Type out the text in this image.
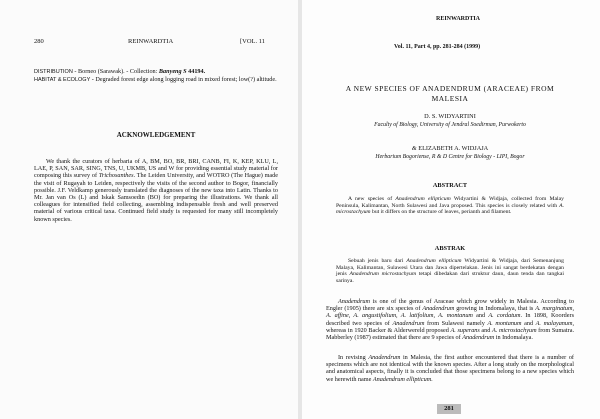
280	REINWARDTIA	[VOL. 11
DISTRIBUTION - Borneo (Sarawak). - Collection: Banyeng S 44194.
HABITAT & ECOLOGY - Degraded forest edge along logging road in mixed forest; low(?) altitude.
ACKNOWLEDGEMENT
We thank the curators of herbaria of A, BM, BO, BR, BRI, CANB, FI, K, KEP, KLU, L, LAE, P, SAN, SAR, SING, TNS, U, UKMB, US and W for providing essential study material for composing this survey of Trichosanthes. The Leiden University, and WOTRO (The Hague) made the visit of Rugayah to Leiden, respectively the visits of the second author to Bogor, financially possible. J.F. Veldkamp generously translated the diagnoses of the new taxa into Latin. Thanks to Mr. Jan van Os (L) and Iskak Samsoedin (BO) for preparing the illustrations. We thank all colleagues for intensified field collecting, assembling indispensable fresh and well preserved material of various critical taxa. Continued field study is requested for many still incompletely known species.
REINWARDTIA
Vol. 11, Part 4, pp. 281-284 (1999)
A NEW SPECIES OF ANADENDRUM (ARACEAE) FROM MALESIA
D. S. WIDYARTINI
Faculty of Biology, University of Jendral Soedirman, Purwokerto
& ELIZABETH A. WIDJAJA
Herbarium Bogoriense, R & D Centre for Biology - LIPI, Bogor
ABSTRACT
A new species of Anadendrum ellipticum Widyartini & Widjaja, collected from Malay Peninsula, Kalimantan, North Sulawesi and Java proposed. This species is closely related with A. microstachyum but it differs on the structure of leaves, perianth and filament.
ABSTRAK
Sebuah jenis baru dari Anadendrum ellipticum Widyartini & Widjaja, dari Semenanjung Malaya, Kalimantan, Sulawesi Utara dan Jawa dipertelakan. Jenis ini sangat berdekatan dengan jenis Anadendrum microstachyum tetapi dibedakan dari struktur daun, daun tenda dan tangkai sarinya.
Anadendrum is one of the genus of Araceae which grow widely in Malesia. According to Engler (1905) there are six species of Anadendrum growing in Indomalaya, that is A. marginatum, A. affine, A. angustifolium, A. latifolium, A. montanum and A. cordatum. In 1898, Koorders described two species of Anadendrum from Sulawesi namely A. montanum and A. malayanum, whereas in 1920 Backer & Alderwereld proposed A. superans and A. microstachyum from Sumatra. Mabberley (1987) estimated that there are 9 species of Anadendrum in Indomalaya.
In revising Anadendrum in Malesia, the first author encountered that there is a number of specimens which are not identical with the known species. After a long study on the morphological and anatomical aspects, finally it is concluded that those specimens belong to a new species which we herewith name Anadendrum ellipticum.
281
